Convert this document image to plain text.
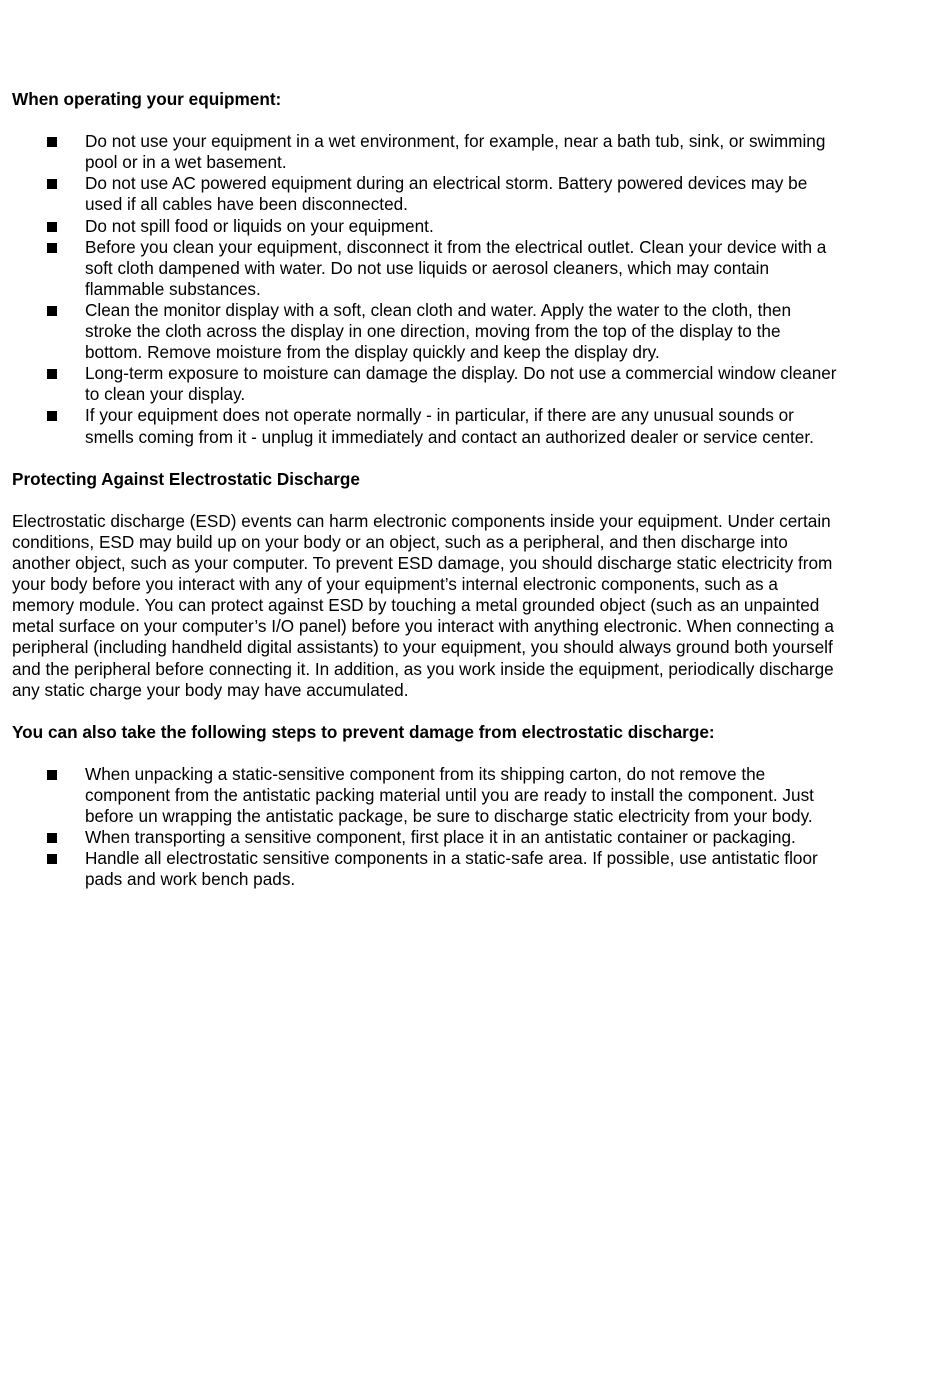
When operating your equipment:

Do not use your equipment in a wet environment, for example, near a bath tub, sink, or swimming pool or in a wet basement.
Do not use AC powered equipment during an electrical storm. Battery powered devices may be used if all cables have been disconnected.
Do not spill food or liquids on your equipment.
Before you clean your equipment, disconnect it from the electrical outlet. Clean your device with a soft cloth dampened with water. Do not use liquids or aerosol cleaners, which may contain flammable substances.
Clean the monitor display with a soft, clean cloth and water. Apply the water to the cloth, then stroke the cloth across the display in one direction, moving from the top of the display to the bottom. Remove moisture from the display quickly and keep the display dry.
Long-term exposure to moisture can damage the display. Do not use a commercial window cleaner to clean your display.
If your equipment does not operate normally - in particular, if there are any unusual sounds or smells coming from it - unplug it immediately and contact an authorized dealer or service center.

Protecting Against Electrostatic Discharge

Electrostatic discharge (ESD) events can harm electronic components inside your equipment. Under certain conditions, ESD may build up on your body or an object, such as a peripheral, and then discharge into another object, such as your computer. To prevent ESD damage, you should discharge static electricity from your body before you interact with any of your equipment’s internal electronic components, such as a memory module. You can protect against ESD by touching a metal grounded object (such as an unpainted metal surface on your computer’s I/O panel) before you interact with anything electronic. When connecting a peripheral (including handheld digital assistants) to your equipment, you should always ground both yourself and the peripheral before connecting it. In addition, as you work inside the equipment, periodically discharge any static charge your body may have accumulated.

You can also take the following steps to prevent damage from electrostatic discharge:

When unpacking a static-sensitive component from its shipping carton, do not remove the component from the antistatic packing material until you are ready to install the component. Just before un wrapping the antistatic package, be sure to discharge static electricity from your body.
When transporting a sensitive component, first place it in an antistatic container or packaging.
Handle all electrostatic sensitive components in a static-safe area. If possible, use antistatic floor pads and work bench pads.
